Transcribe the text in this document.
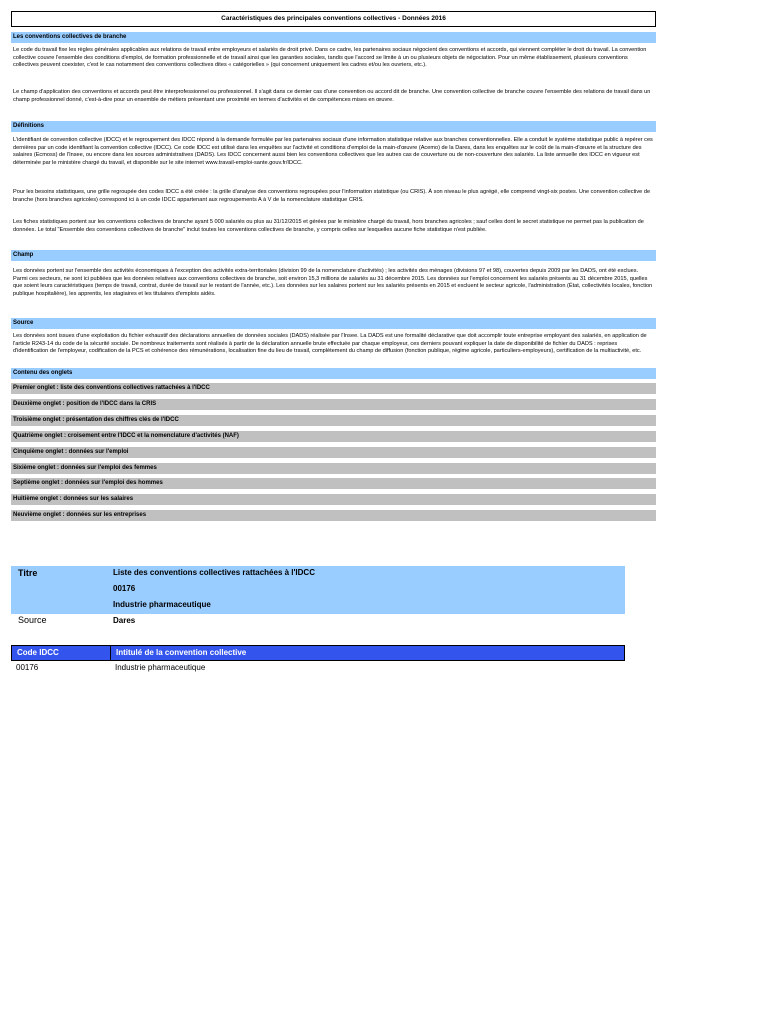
Caractéristiques des principales conventions collectives - Données 2016
Les conventions collectives de branche
Le code du travail fixe les règles générales applicables aux relations de travail entre employeurs et salariés de droit privé. Dans ce cadre, les partenaires sociaux négocient des conventions et accords, qui viennent compléter le droit du travail. La convention collective couvre l'ensemble des conditions d'emploi, de formation professionnelle et de travail ainsi que les garanties sociales, tandis que l'accord se limite à un ou plusieurs objets de négociation. Pour un même établissement, plusieurs conventions collectives peuvent coexister, c'est le cas notamment des conventions collectives dites « catégorielles » (qui concernent uniquement les cadres et/ou les ouvriers, etc.).
Le champ d'application des conventions et accords peut être interprofessionnel ou professionnel. Il s'agit dans ce dernier cas d'une convention ou accord dit de branche. Une convention collective de branche couvre l'ensemble des relations de travail dans un champ professionnel donné, c'est-à-dire pour un ensemble de métiers présentant une proximité en termes d'activités et de compétences mises en œuvre.
Définitions
L'identifiant de convention collective (IDCC) et le regroupement des IDCC répond à la demande formulée par les partenaires sociaux d'une information statistique relative aux branches conventionnelles. Elle a conduit le système statistique public à repérer ces dernières par un code identifiant la convention collective (IDCC). Ce code IDCC est utilisé dans les enquêtes sur l'activité et conditions d'emploi de la main-d'œuvre (Acemo) de la Dares, dans les enquêtes sur le coût de la main-d'œuvre et la structure des salaires (Ecmoss) de l'Insee, ou encore dans les sources administratives (DADS). Les IDCC concernent aussi bien les conventions collectives que les autres cas de couverture ou de non-couverture des salariés. La liste annuelle des IDCC en vigueur est déterminée par le ministère chargé du travail, et disponible sur le site internet www.travail-emploi-sante.gouv.fr/IDCC.
Pour les besoins statistiques, une grille regroupée des codes IDCC a été créée : la grille d'analyse des conventions regroupées pour l'information statistique (ou CRIS). À son niveau le plus agrégé, elle comprend vingt-six postes. Une convention collective de branche (hors branches agricoles) correspond ici à un code IDCC appartenant aux regroupements A à V de la nomenclature statistique CRIS.
Les fiches statistiques portent sur les conventions collectives de branche ayant 5 000 salariés ou plus au 31/12/2015 et gérées par le ministère chargé du travail, hors branches agricoles ; sauf celles dont le secret statistique ne permet pas la publication de données. Le total "Ensemble des conventions collectives de branche" inclut toutes les conventions collectives de branche, y compris celles sur lesquelles aucune fiche statistique n'est publiée.
Champ
Les données portent sur l'ensemble des activités économiques à l'exception des activités extra-territoriales (division 99 de la nomenclature d'activités) ; les activités des ménages (divisions 97 et 98), couvertes depuis 2009 par les DADS, ont été exclues. Parmi ces secteurs, ne sont ici publiées que les données relatives aux conventions collectives de branche, soit environ 15,3 millions de salariés au 31 décembre 2015. Les données sur l'emploi concernent les salariés présents au 31 décembre 2015, quelles que soient leurs caractéristiques (temps de travail, contrat, durée de travail sur le restant de l'année, etc.). Les données sur les salaires portent sur les salariés présents en 2015 et excluent le secteur agricole, l'administration (État, collectivités locales, fonction publique hospitalière), les apprentis, les stagiaires et les titulaires d'emplois aidés.
Source
Les données sont issues d'une exploitation du fichier exhaustif des déclarations annuelles de données sociales (DADS) réalisée par l'Insee. La DADS est une formalité déclarative que doit accomplir toute entreprise employant des salariés, en application de l'article R243-14 du code de la sécurité sociale. De nombreux traitements sont réalisés à partir de la déclaration annuelle brute effectuée par chaque employeur, ces derniers pouvant expliquer la date de disponibilité de fichier du DADS : reprises d'identification de l'employeur, codification de la PCS et cohérence des rémunérations, localisation fine du lieu de travail, complètement du champ de diffusion (fonction publique, régime agricole, particuliers-employeurs), certification de la multiactivité, etc.
Contenu des onglets
Premier onglet : liste des conventions collectives rattachées à l'IDCC
Deuxième onglet : position de l'IDCC dans la CRIS
Troisième onglet : présentation des chiffres clés de l'IDCC
Quatrième onglet : croisement entre l'IDCC et la nomenclature d'activités (NAF)
Cinquième onglet : données sur l'emploi
Sixième onglet : données sur l'emploi des femmes
Septième onglet : données sur l'emploi des hommes
Huitième onglet : données sur les salaires
Neuvième onglet : données sur les entreprises
Titre	Liste des conventions collectives rattachées à l'IDCC
00176
Industrie pharmaceutique
Source	Dares
Code IDCC	Intitulé de la convention collective
00176	Industrie pharmaceutique
